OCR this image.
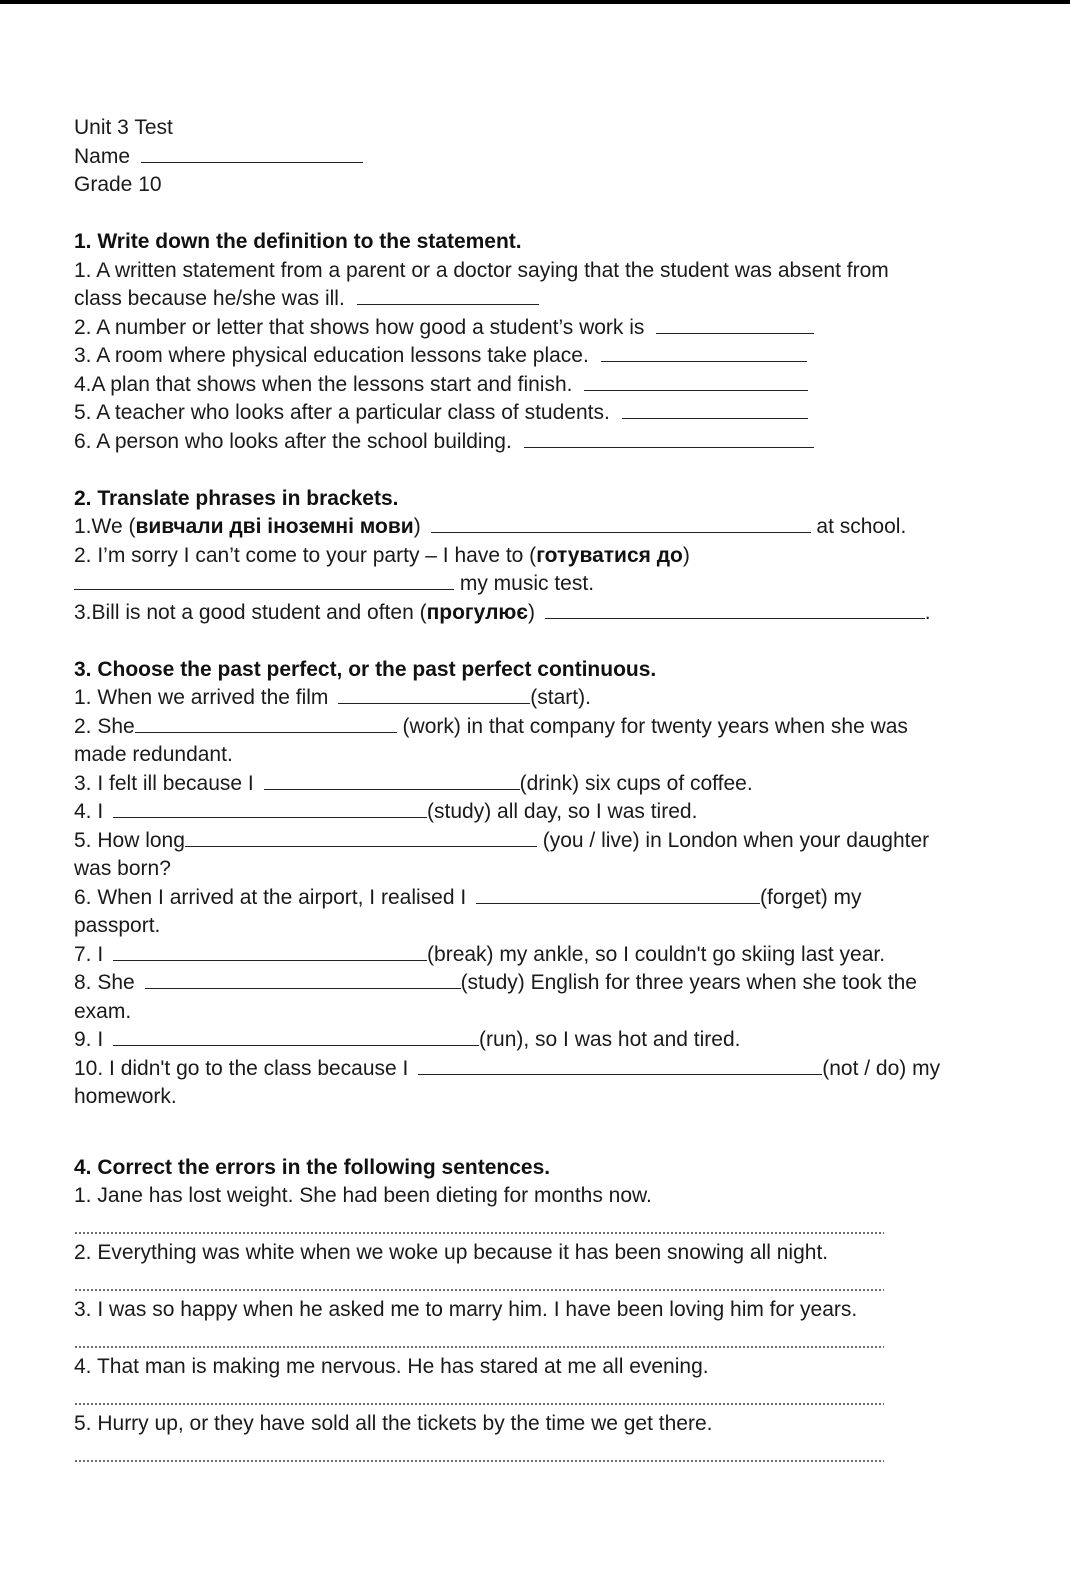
Unit 3 Test
Name
Grade 10
1. Write down the definition to the statement.
1. A written statement from a parent or a doctor saying that the student was absent from
class because he/she was ill.
2. A number or letter that shows how good a student’s work is
3. A room where physical education lessons take place.
4.A plan that shows when the lessons start and finish.
5. A teacher who looks after a particular class of students.
6. A person who looks after the school building.
2. Translate phrases in brackets.
1.We (вивчали дві іноземні мови)	at school.
2. I’m sorry I can’t come to your party – I have to (готуватися до)
my music test.
3.Bill is not a good student and often (прогулює)	.
3. Choose the past perfect, or the past perfect continuous.
1. When we arrived the film	(start).
2. She	(work) in that company for twenty years when she was
made redundant.
3. I felt ill because I	(drink) six cups of coffee.
4. I	(study) all day, so I was tired.
5. How long	(you / live) in London when your daughter
was born?
6. When I arrived at the airport, I realised I	(forget) my
passport.
7. I	(break) my ankle, so I couldn't go skiing last year.
8. She	(study) English for three years when she took the
exam.
9. I	(run), so I was hot and tired.
10. I didn't go to the class because I	(not / do) my
homework.
4. Correct the errors in the following sentences.
1. Jane has lost weight. She had been dieting for months now.
2. Everything was white when we woke up because it has been snowing all night.
3. I was so happy when he asked me to marry him. I have been loving him for years.
4. That man is making me nervous. He has stared at me all evening.
5. Hurry up, or they have sold all the tickets by the time we get there.
